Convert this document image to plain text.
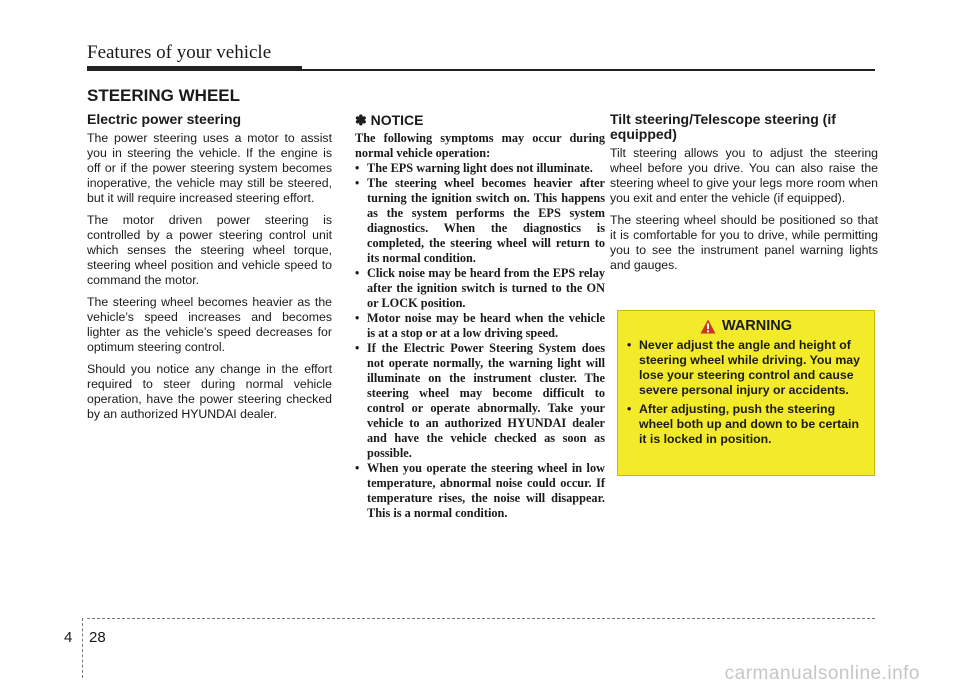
Features of your vehicle
STEERING WHEEL
Electric power steering

The power steering uses a motor to assist you in steering the vehicle. If the engine is off or if the power steering system becomes inoperative, the vehicle may still be steered, but it will require increased steering effort.

The motor driven power steering is controlled by a power steering control unit which senses the steering wheel torque, steering wheel position and vehicle speed to command the motor.

The steering wheel becomes heavier as the vehicle’s speed increases and becomes lighter as the vehicle’s speed decreases for optimum steering control.

Should you notice any change in the effort required to steer during normal vehicle operation, have the power steering checked by an authorized HYUNDAI dealer.

✽ NOTICE

The following symptoms may occur during normal vehicle operation:

• The EPS warning light does not illuminate.
• The steering wheel becomes heavier after turning the ignition switch on. This happens as the system performs the EPS system diagnostics. When the diagnostics is completed, the steering wheel will return to its normal condition.
• Click noise may be heard from the EPS relay after the ignition switch is turned to the ON or LOCK position.
• Motor noise may be heard when the vehicle is at a stop or at a low driving speed.
• If the Electric Power Steering System does not operate normally, the warning light will illuminate on the instrument cluster. The steering wheel may become difficult to control or operate abnormally. Take your vehicle to an authorized HYUNDAI dealer and have the vehicle checked as soon as possible.
• When you operate the steering wheel in low temperature, abnormal noise could occur. If temperature rises, the noise will disappear. This is a normal condition.
Tilt steering/Telescope steering (if equipped)

Tilt steering allows you to adjust the steering wheel before you drive. You can also raise the steering wheel to give your legs more room when you exit and enter the vehicle (if equipped).

The steering wheel should be positioned so that it is comfortable for you to drive, while permitting you to see the instrument panel warning lights and gauges.

WARNING
• Never adjust the angle and height of steering wheel while driving. You may lose your steering control and cause severe personal injury or accidents.
• After adjusting, push the steering wheel both up and down to be certain it is locked in position.
4 28
carmanualsonline.info
